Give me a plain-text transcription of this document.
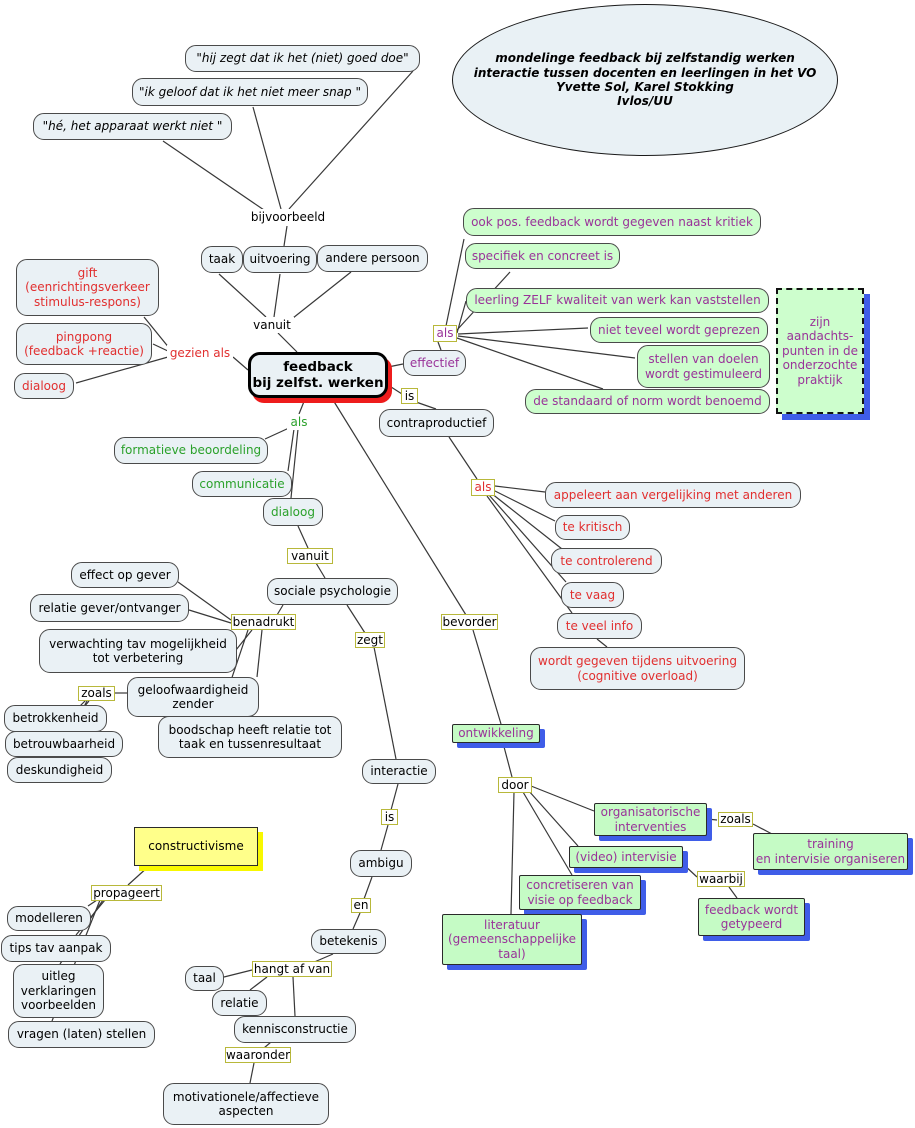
mondelinge feedback bij zelfstandig werken
interactie tussen docenten en leerlingen in het VO
Yvette Sol, Karel Stokking
Ivlos/UU
"hij zegt dat ik het (niet) goed doe"
"ik geloof dat ik het niet meer snap "
"hé, het apparaat werkt niet "
bijvoorbeeld
taak	uitvoering	andere persoon
vanuit
gift
(eenrichtingsverkeer
stimulus-respons)
pingpong
(feedback +reactie)
dialoog
gezien als
feedback
bij zelfst. werken
als
effectief
is
contraproductief
ook pos. feedback wordt gegeven naast kritiek
specifiek en concreet is
leerling ZELF kwaliteit van werk kan vaststellen
niet teveel wordt geprezen
stellen van doelen
wordt gestimuleerd
de standaard of norm wordt benoemd
zijn
aandachts-
punten in de
onderzochte
praktijk
als
appeleert aan vergelijking met anderen
te kritisch
te controlerend
te vaag
te veel info
wordt gegeven tijdens uitvoering
(cognitive overload)
als
formatieve beoordeling
communicatie
dialoog
vanuit
sociale psychologie
benadrukt
zegt
effect op gever
relatie gever/ontvanger
verwachting tav mogelijkheid
tot verbetering
zoals	geloofwaardigheid
zender
betrokkenheid
betrouwbaarheid
deskundigheid
boodschap heeft relatie tot
taak en tussenresultaat
interactie
is
ambigu
en
betekenis
hangt af van
taal
relatie
kennisconstructie
waaronder
motivationele/affectieve
aspecten
constructivisme
propageert
modelleren
tips tav aanpak
uitleg
verklaringen
voorbeelden
vragen (laten) stellen
bevorder
ontwikkeling
door
organisatorische
interventies
zoals
training
en intervisie organiseren
(video) intervisie
waarbij
concretiseren van
visie op feedback
feedback wordt
getypeerd
literatuur
(gemeenschappelijke
taal)
